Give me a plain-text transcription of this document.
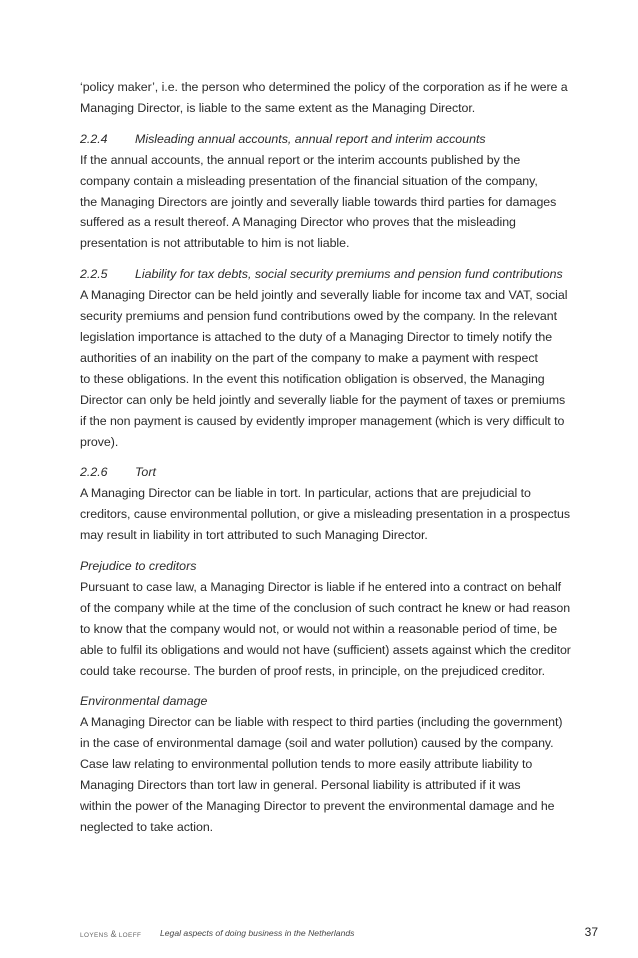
‘policy maker’, i.e. the person who determined the policy of the corporation as if he were a
Managing Director, is liable to the same extent as the Managing Director.
2.2.4 Misleading annual accounts, annual report and interim accounts
If the annual accounts, the annual report or the interim accounts published by the
company contain a misleading presentation of the financial situation of the company,
the Managing Directors are jointly and severally liable towards third parties for damages
suffered as a result thereof. A Managing Director who proves that the misleading
presentation is not attributable to him is not liable.
2.2.5 Liability for tax debts, social security premiums and pension fund contributions
A Managing Director can be held jointly and severally liable for income tax and VAT, social
security premiums and pension fund contributions owed by the company. In the relevant
legislation importance is attached to the duty of a Managing Director to timely notify the
authorities of an inability on the part of the company to make a payment with respect
to these obligations. In the event this notification obligation is observed, the Managing
Director can only be held jointly and severally liable for the payment of taxes or premiums
if the non payment is caused by evidently improper management (which is very difficult to
prove).
2.2.6 Tort
A Managing Director can be liable in tort. In particular, actions that are prejudicial to
creditors, cause environmental pollution, or give a misleading presentation in a prospectus
may result in liability in tort attributed to such Managing Director.
Prejudice to creditors
Pursuant to case law, a Managing Director is liable if he entered into a contract on behalf
of the company while at the time of the conclusion of such contract he knew or had reason
to know that the company would not, or would not within a reasonable period of time, be
able to fulfil its obligations and would not have (sufficient) assets against which the creditor
could take recourse. The burden of proof rests, in principle, on the prejudiced creditor.
Environmental damage
A Managing Director can be liable with respect to third parties (including the government)
in the case of environmental damage (soil and water pollution) caused by the company.
Case law relating to environmental pollution tends to more easily attribute liability to
Managing Directors than tort law in general. Personal liability is attributed if it was
within the power of the Managing Director to prevent the environmental damage and he
neglected to take action.
LOYENS & LOEFF Legal aspects of doing business in the Netherlands	37
